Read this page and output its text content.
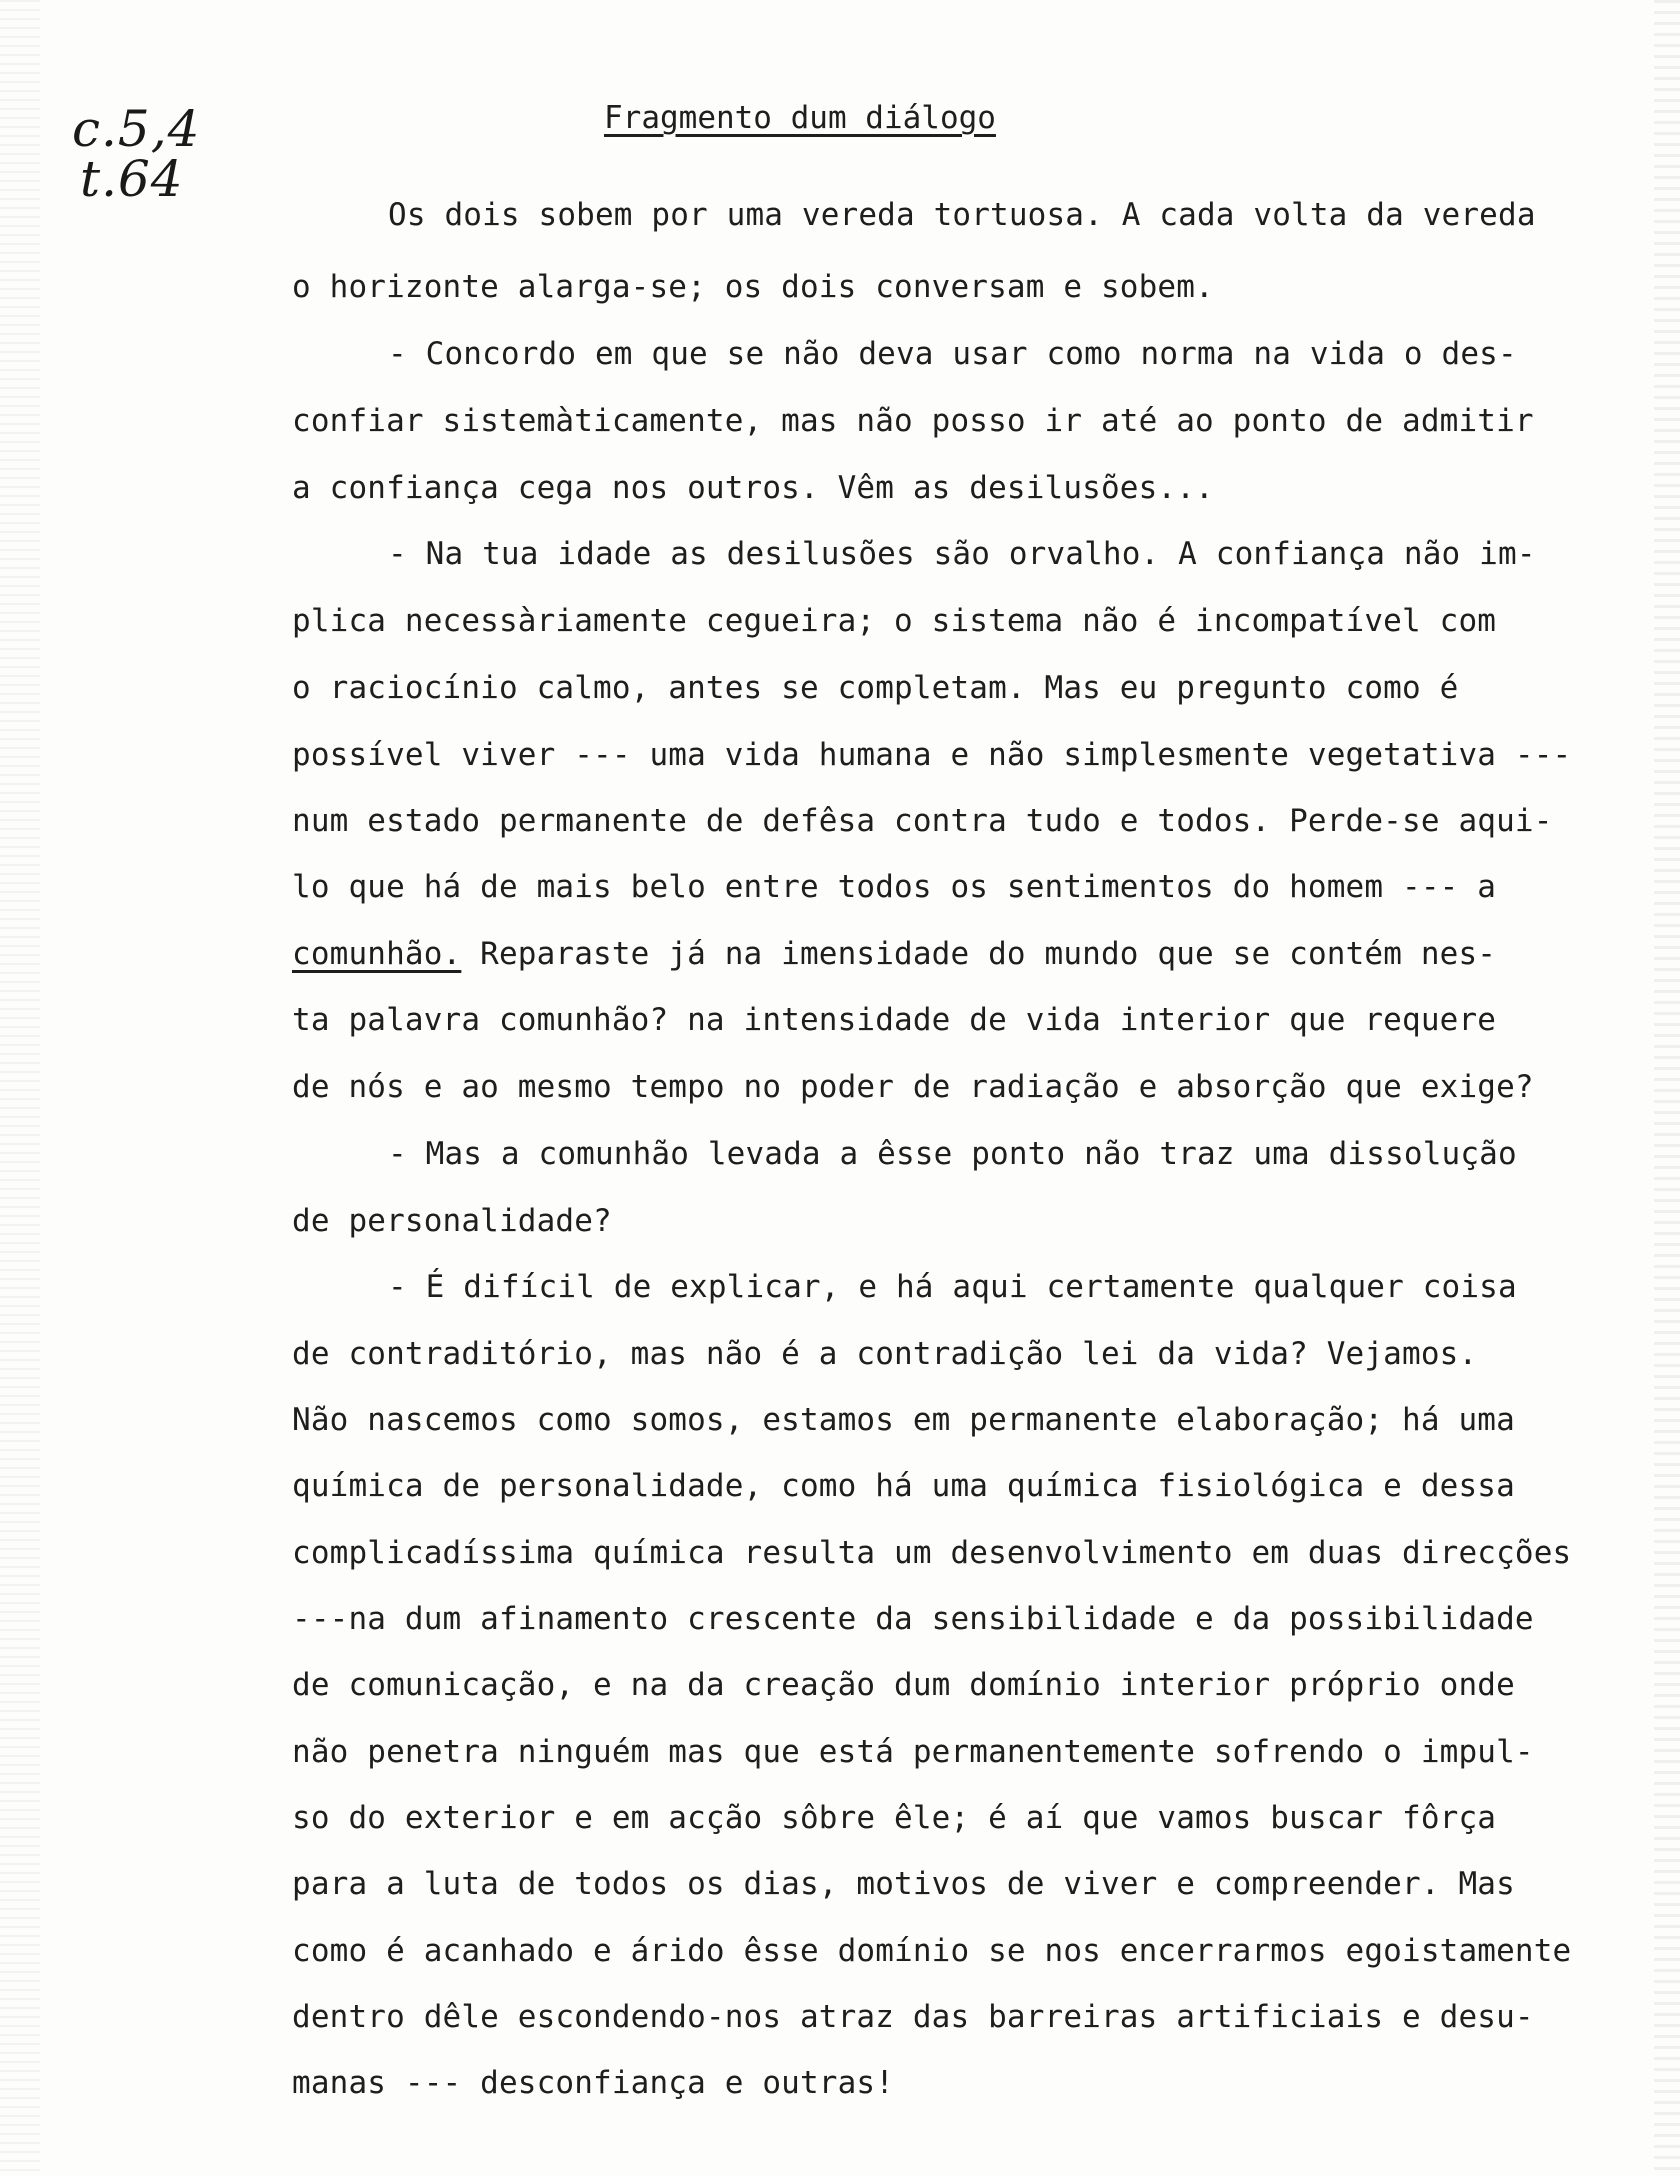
c.5,4
t.64
Fragmento dum diálogo
Os dois sobem por uma vereda tortuosa. A cada volta da vereda
o horizonte alarga-se; os dois conversam e sobem.
- Concordo em que se não deva usar como norma na vida o des-
confiar sistemàticamente, mas não posso ir até ao ponto de admitir
a confiança cega nos outros. Vêm as desilusões...
- Na tua idade as desilusões são orvalho. A confiança não im-
plica necessàriamente cegueira; o sistema não é incompatível com
o raciocínio calmo, antes se completam. Mas eu pregunto como é
possível viver --- uma vida humana e não simplesmente vegetativa ---
num estado permanente de defêsa contra tudo e todos. Perde-se aqui-
lo que há de mais belo entre todos os sentimentos do homem --- a
comunhão. Reparaste já na imensidade do mundo que se contém nes-
ta palavra comunhão? na intensidade de vida interior que requere
de nós e ao mesmo tempo no poder de radiação e absorção que exige?
- Mas a comunhão levada a êsse ponto não traz uma dissolução
de personalidade?
- É difícil de explicar, e há aqui certamente qualquer coisa
de contraditório, mas não é a contradição lei da vida? Vejamos.
Não nascemos como somos, estamos em permanente elaboração; há uma
química de personalidade, como há uma química fisiológica e dessa
complicadíssima química resulta um desenvolvimento em duas direcções
---na dum afinamento crescente da sensibilidade e da possibilidade
de comunicação, e na da creação dum domínio interior próprio onde
não penetra ninguém mas que está permanentemente sofrendo o impul-
so do exterior e em acção sôbre êle; é aí que vamos buscar fôrça
para a luta de todos os dias, motivos de viver e compreender. Mas
como é acanhado e árido êsse domínio se nos encerrarmos egoistamente
dentro dêle escondendo-nos atraz das barreiras artificiais e desu-
manas --- desconfiança e outras!
